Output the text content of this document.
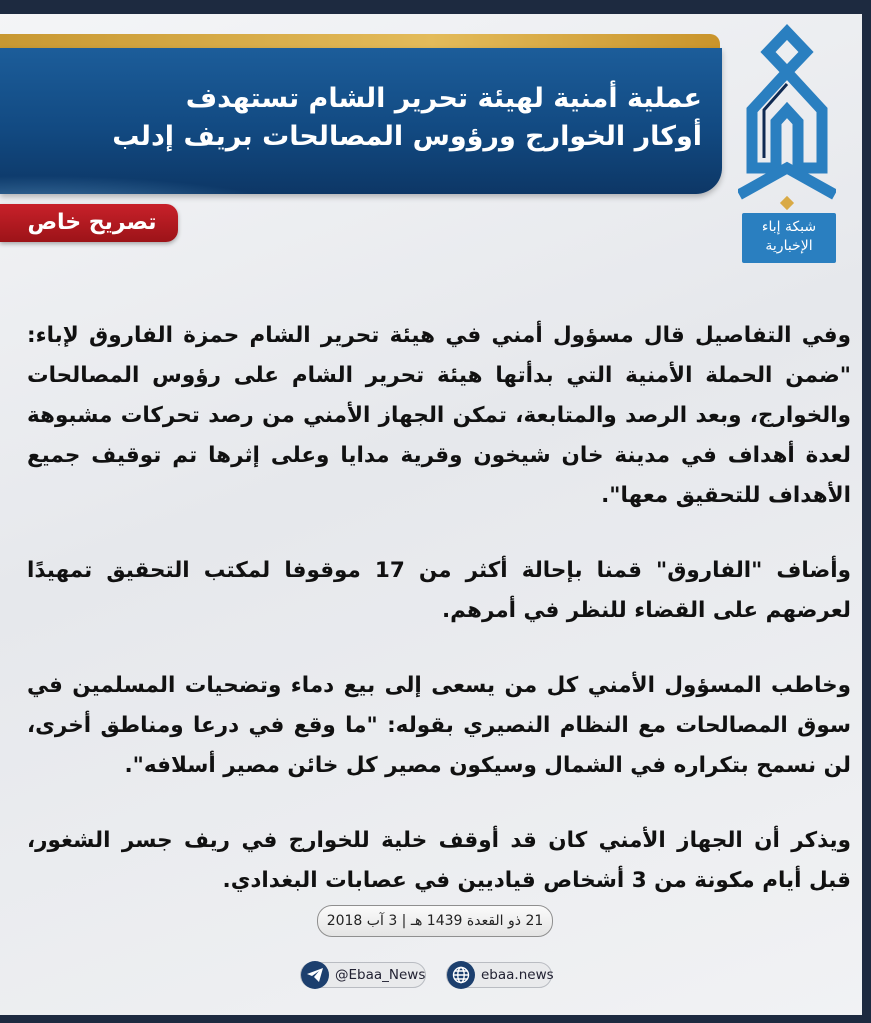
عملية أمنية لهيئة تحرير الشام تستهدف
أوكار الخوارج ورؤوس المصالحات بريف إدلب
تصريح خاص	شبكة إباء
الإخبارية

وفي التفاصيل قال مسؤول أمني في هيئة تحرير الشام حمزة الفاروق لإباء: "ضمن الحملة الأمنية التي بدأتها هيئة تحرير الشام على رؤوس المصالحات والخوارج، وبعد الرصد والمتابعة، تمكن الجهاز الأمني من رصد تحركات مشبوهة لعدة أهداف في مدينة خان شيخون وقرية مدايا وعلى إثرها تم توقيف جميع الأهداف للتحقيق معها".

وأضاف "الفاروق" قمنا بإحالة أكثر من 17 موقوفا لمكتب التحقيق تمهيدًا لعرضهم على القضاء للنظر في أمرهم.

وخاطب المسؤول الأمني كل من يسعى إلى بيع دماء وتضحيات المسلمين في سوق المصالحات مع النظام النصيري بقوله: "ما وقع في درعا ومناطق أخرى، لن نسمح بتكراره في الشمال وسيكون مصير كل خائن مصير أسلافه".

ويذكر أن الجهاز الأمني كان قد أوقف خلية للخوارج في ريف جسر الشغور، قبل أيام مكونة من 3 أشخاص قياديين في عصابات البغدادي.

21 ذو القعدة 1439 هـ | 3 آب 2018
@Ebaa_News	ebaa.news
